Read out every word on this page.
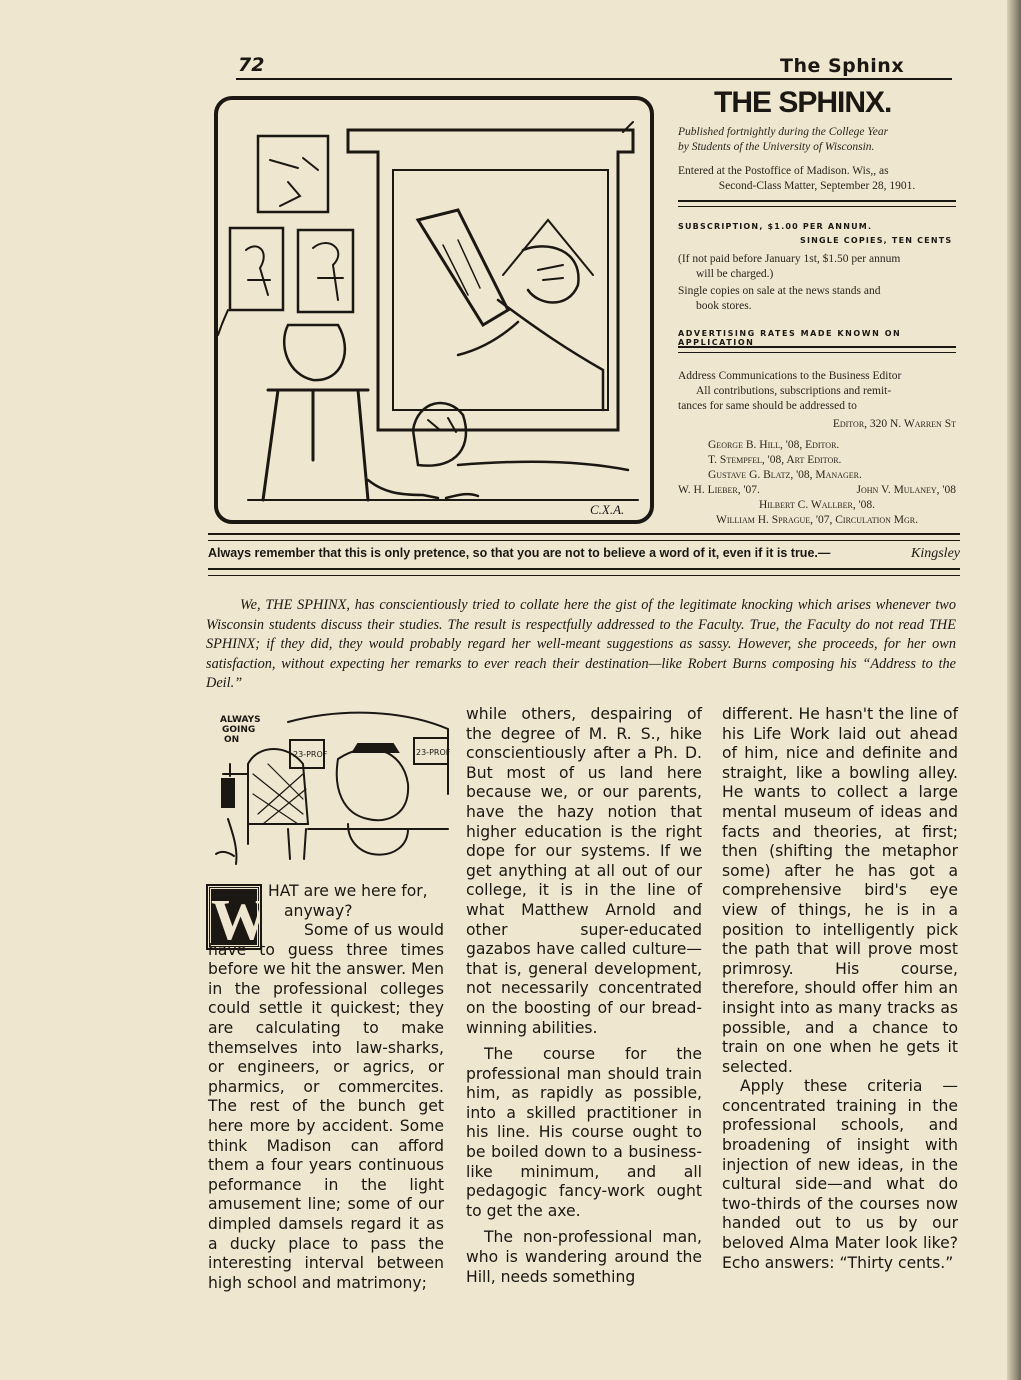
72	The Sphinx
C.X.A.
THE SPHINX.
Published fortnightly during the College Year
by Students of the University of Wisconsin.
Entered at the Postoffice of Madison. Wis,, as
Second-Class Matter, September 28, 1901.
SUBSCRIPTION, $1.00 PER ANNUM.
SINGLE COPIES, TEN CENTS
(If not paid before January 1st, $1.50 per annum
will be charged.)
Single copies on sale at the news stands and
book stores.
ADVERTISING RATES MADE KNOWN ON APPLICATION
Address Communications to the Business Editor
All contributions, subscriptions and remit-
tances for same should be addressed to
Editor, 320 N. Warren St
George B. Hill, '08, Editor.
T. Stempfel, '08, Art Editor.
Gustave G. Blatz, '08, Manager.
W. H. Lieber, '07.	John V. Mulaney, '08
Hilbert C. Wallber, '08.
William H. Sprague, '07, Circulation Mgr.
Always remember that this is only pretence, so that you are not to believe a word of it, even if it is true.—	Kingsley
We, THE SPHINX, has conscientiously tried to collate here the gist of the legitimate knocking which arises whenever two Wisconsin students discuss their studies. The result is respectfully addressed to the Faculty. True, the Faculty do not read THE SPHINX; if they did, they would probably regard her well-meant suggestions as sassy. However, she proceeds, for her own satisfaction, without expecting her remarks to ever reach their destination—like Robert Burns composing his “Address to the Deil.”
ALWAYS
GOING
ON
23-PROF	23-PROF
W HAT are we here for, anyway?

Some of us would have to guess three times before we hit the answer. Men in the professional colleges could settle it quickest; they are calculating to make themselves into law-sharks, or engineers, or agrics, or pharmics, or commercites. The rest of the bunch get here more by accident. Some think Madison can afford them a four years continuous peformance in the light amusement line; some of our dimpled damsels regard it as a ducky place to pass the interesting interval between high school and matrimony;

while others, despairing of the degree of M. R. S., hike conscientiously after a Ph. D. But most of us land here because we, or our parents, have the hazy notion that higher education is the right dope for our systems. If we get anything at all out of our college, it is in the line of what Matthew Arnold and other super-educated gazabos have called culture—that is, general development, not necessarily concentrated on the boosting of our bread-winning abilities.

The course for the professional man should train him, as rapidly as possible, into a skilled practitioner in his line. His course ought to be boiled down to a business-like minimum, and all pedagogic fancy-work ought to get the axe.

The non-professional man, who is wandering around the Hill, needs something

different. He hasn't the line of his Life Work laid out ahead of him, nice and definite and straight, like a bowling alley. He wants to collect a large mental museum of ideas and facts and theories, at first; then (shifting the metaphor some) after he has got a comprehensive bird's eye view of things, he is in a position to intelligently pick the path that will prove most primrosy. His course, therefore, should offer him an insight into as many tracks as possible, and a chance to train on one when he gets it selected.

Apply these criteria — concentrated training in the professional schools, and broadening of insight with injection of new ideas, in the cultural side—and what do two-thirds of the courses now handed out to us by our beloved Alma Mater look like? Echo answers: “Thirty cents.”
